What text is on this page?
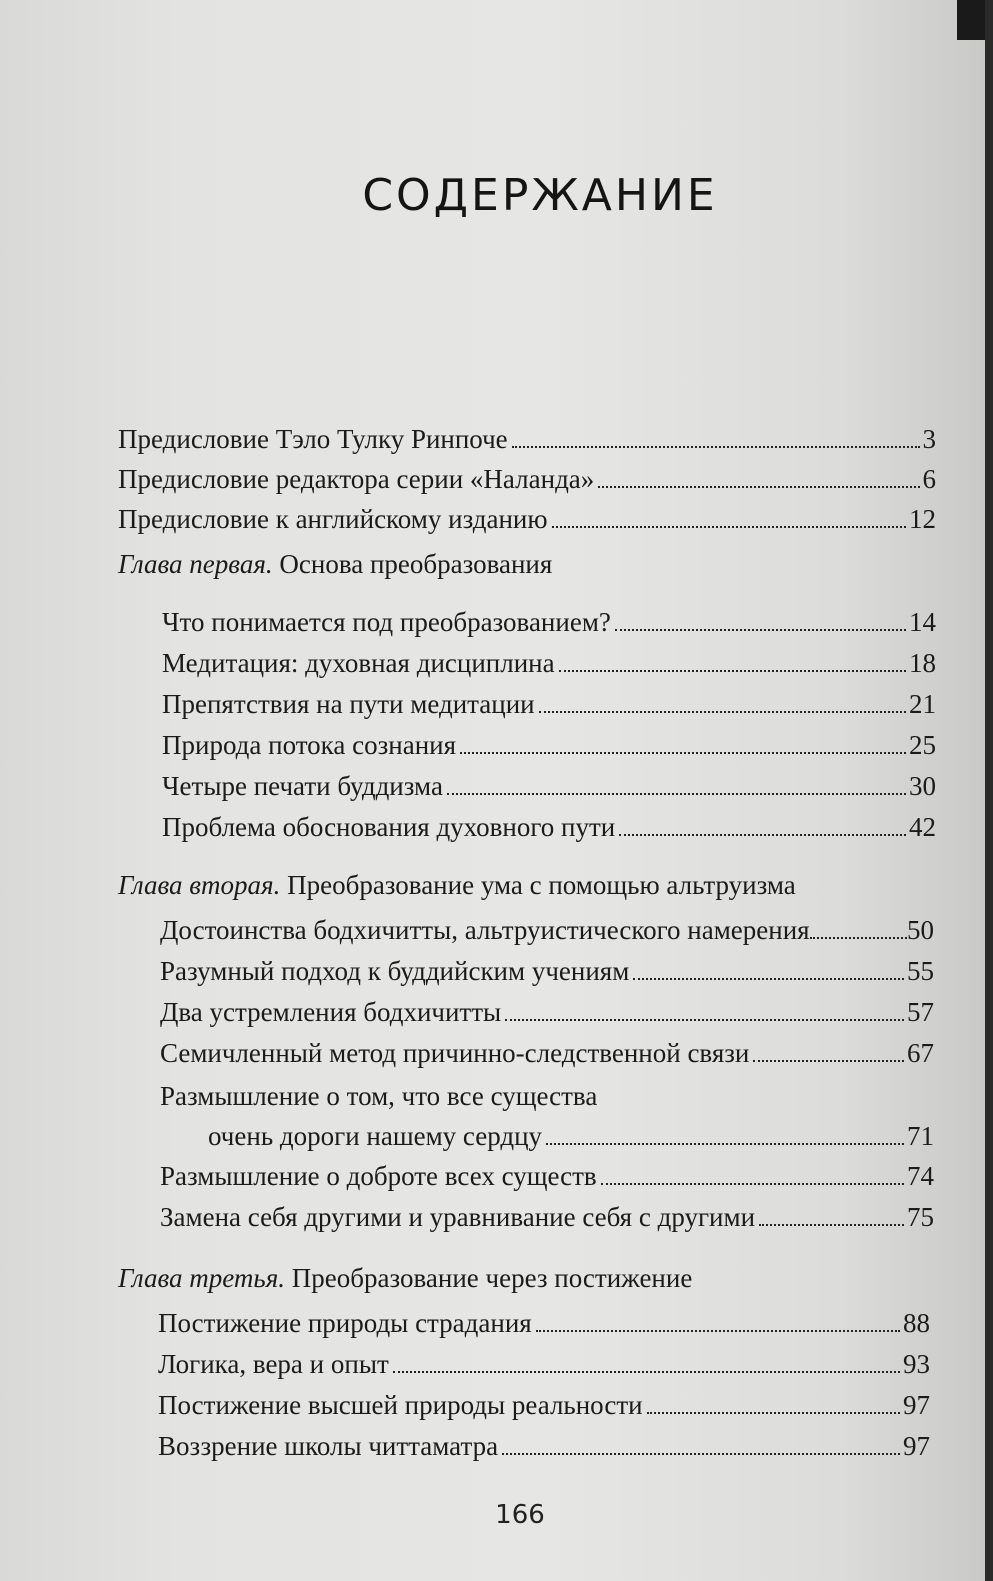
СОДЕРЖАНИЕ
Предисловие Тэло Тулку Ринпоче	3
Предисловие редактора серии «Наланда»	6
Предисловие к английскому изданию	12
Глава первая. Основа преобразования
Что понимается под преобразованием?	14
Медитация: духовная дисциплина	18
Препятствия на пути медитации	21
Природа потока сознания	25
Четыре печати буддизма	30
Проблема обоснования духовного пути	42
Глава вторая. Преобразование ума с помощью альтруизма
Достоинства бодхичитты, альтруистического намерения	50
Разумный подход к буддийским учениям	55
Два устремления бодхичитты	57
Семичленный метод причинно-следственной связи	67
Размышление о том, что все существа
очень дороги нашему сердцу	71
Размышление о доброте всех существ	74
Замена себя другими и уравнивание себя с другими	75
Глава третья. Преобразование через постижение
Постижение природы страдания	88
Логика, вера и опыт	93
Постижение высшей природы реальности	97
Воззрение школы читтаматра	97
166
